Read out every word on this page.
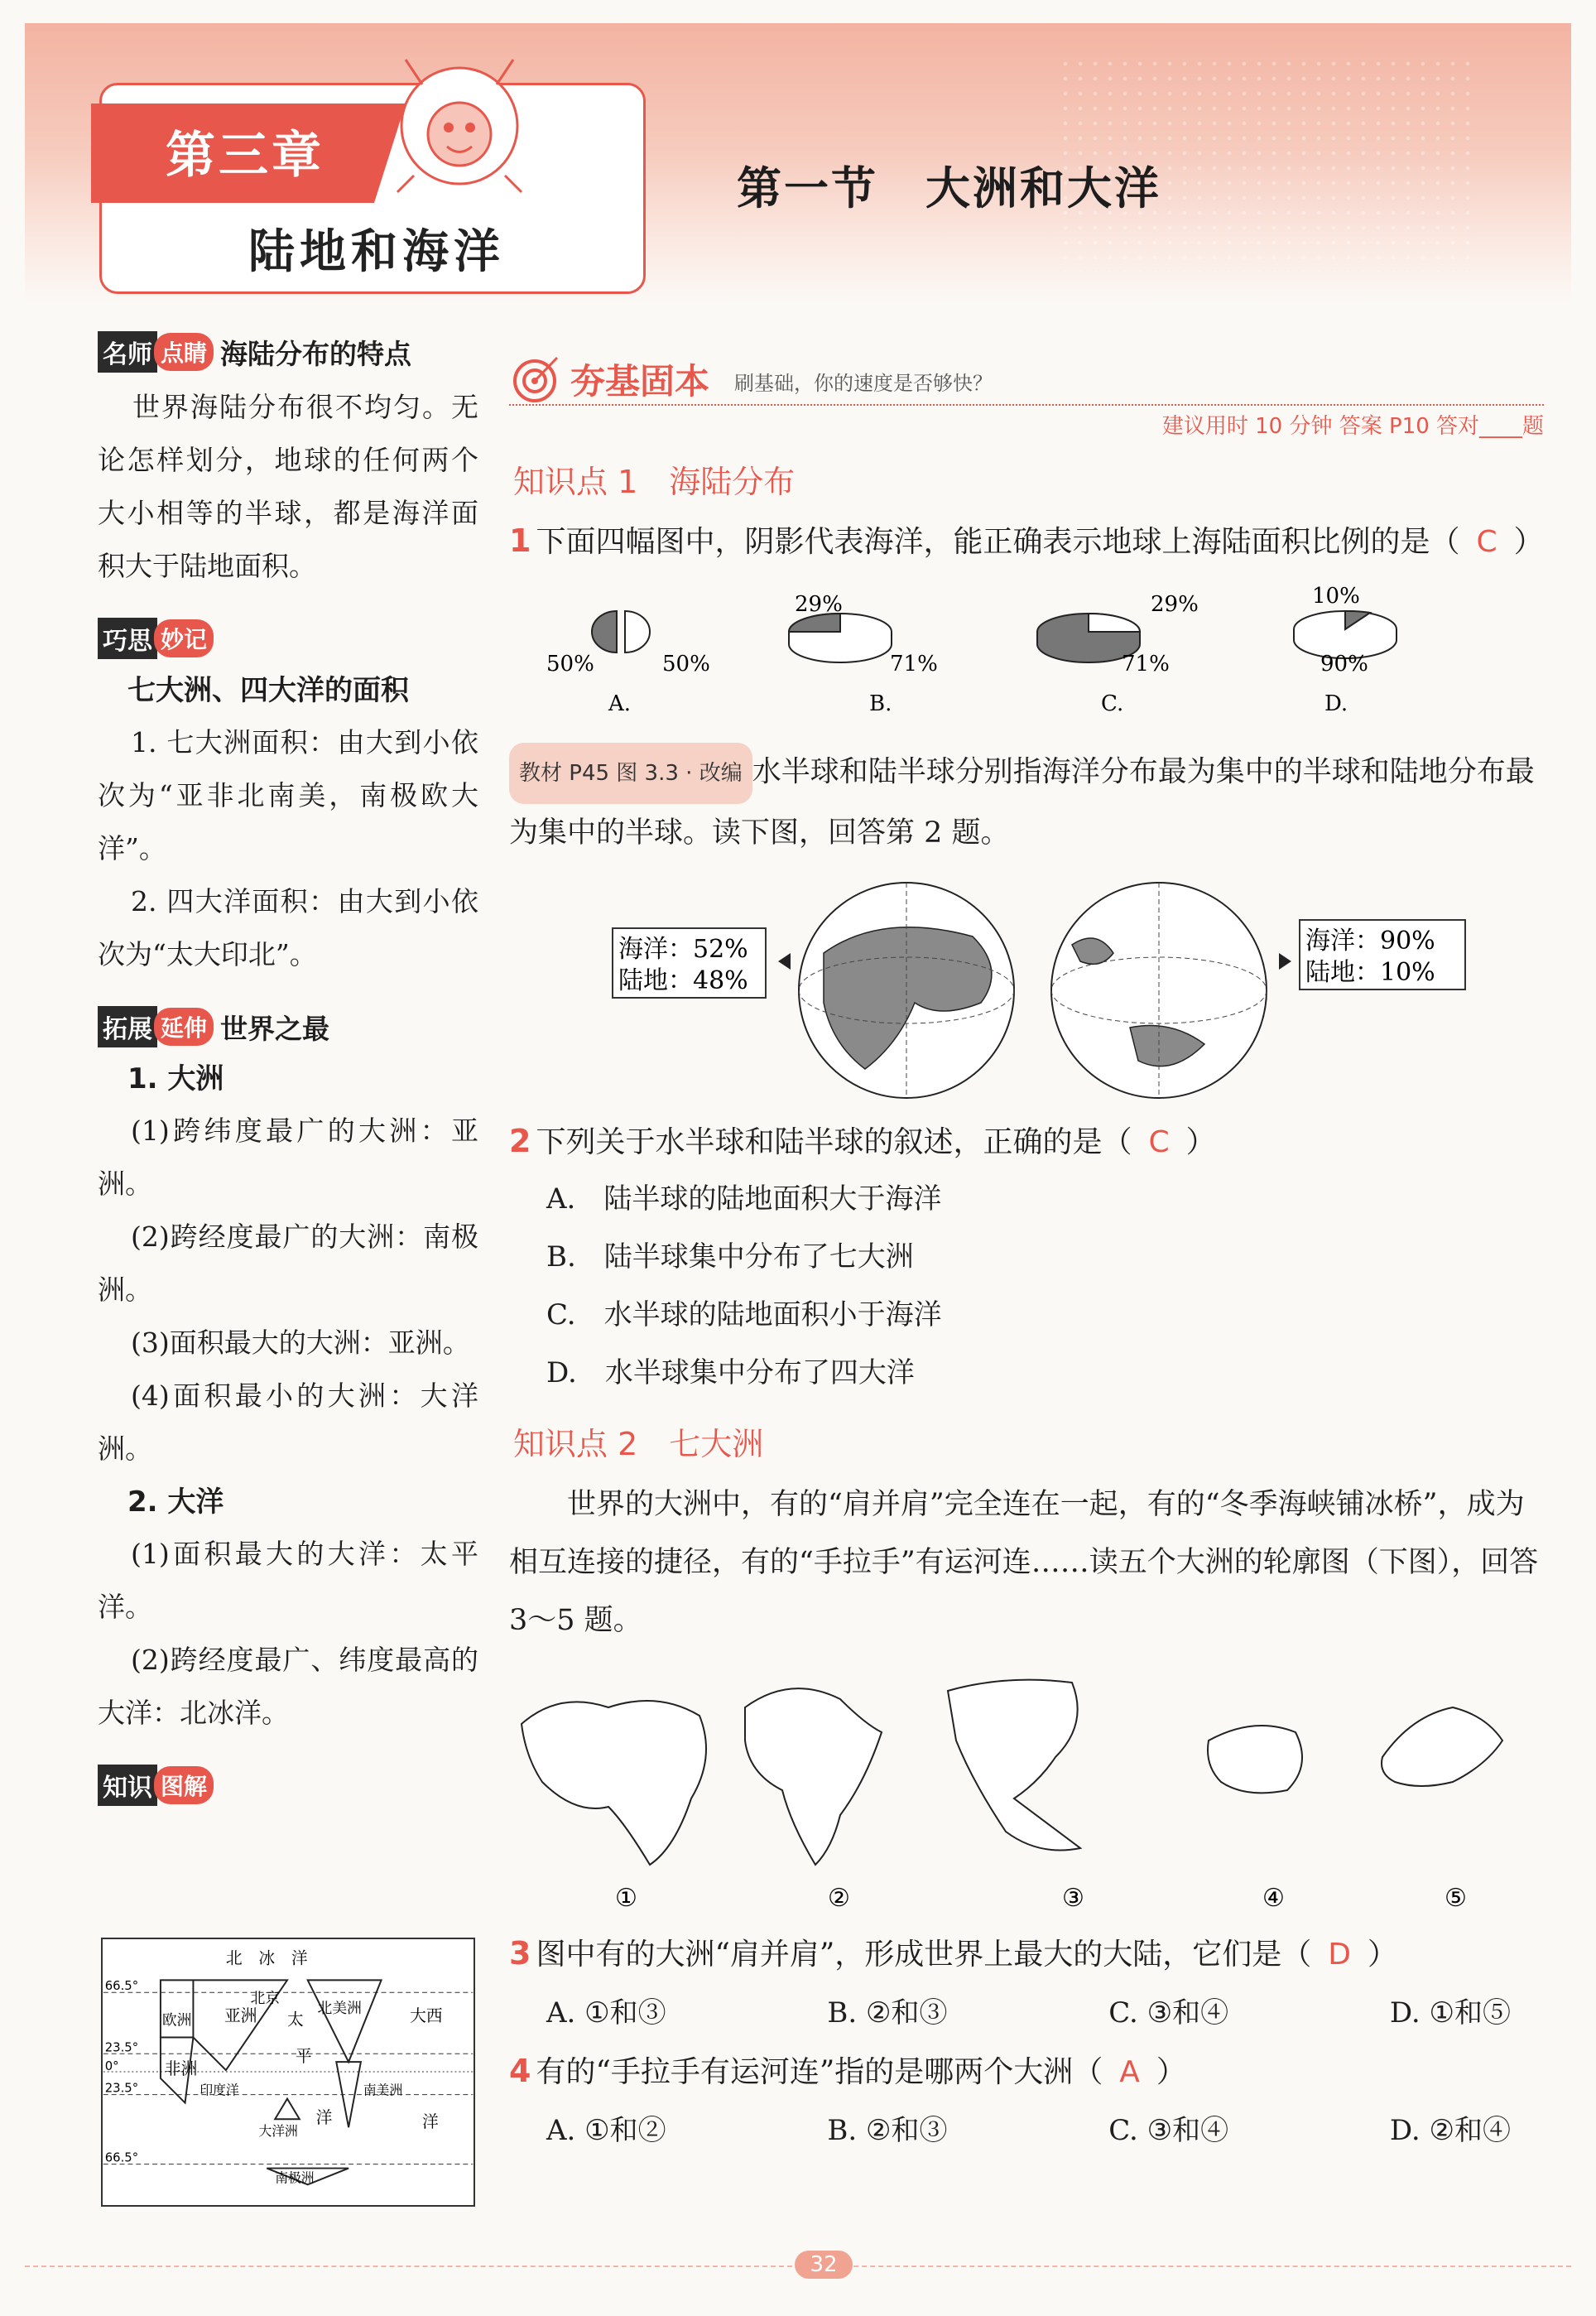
第三章
陆地和海洋
第一节　大洲和大洋
名师 点睛 海陆分布的特点
世界海陆分布很不均匀。无论怎样划分，地球的任何两个大小相等的半球，都是海洋面积大于陆地面积。
巧思 妙记
七大洲、四大洋的面积
1. 七大洲面积：由大到小依次为“亚非北南美，南极欧大洋”。
2. 四大洋面积：由大到小依次为“太大印北”。
拓展 延伸 世界之最
1. 大洲
(1)跨纬度最广的大洲：亚洲。
(2)跨经度最广的大洲：南极洲。
(3)面积最大的大洲：亚洲。
(4)面积最小的大洲：大洋洲。
2. 大洋
(1)面积最大的大洋：太平洋。
(2)跨经度最广、纬度最高的大洋：北冰洋。
知识 图解
北　冰　洋
66.5°
23.5°
0°
23.5°
66.5°
欧洲 亚洲
北京
太
平
洋
北美洲	大西
洋
非洲
印度洋
大洋洲
南美洲
南极洲
夯基固本 刷基础，你的速度是否够快？
建议用时 10 分钟 答案 P10 答对____题
知识点 1　海陆分布
1 下面四幅图中，阴影代表海洋，能正确表示地球上海陆面积比例的是（ C ）
50%	50%
A.
29%
71%
B.
29%
71%
C.
10%
90%
D.
教材 P45 图 3.3 · 改编 水半球和陆半球分别指海洋分布最为集中的半球和陆地分布最为集中的半球。读下图，回答第 2 题。
海洋：52%
陆地：48%
海洋：90%
陆地：10%
2 下列关于水半球和陆半球的叙述，正确的是（ C ）
A.　陆半球的陆地面积大于海洋
B.　陆半球集中分布了七大洲
C.　水半球的陆地面积小于海洋
D.　水半球集中分布了四大洋
知识点 2　七大洲
世界的大洲中，有的“肩并肩”完全连在一起，有的“冬季海峡铺冰桥”，成为相互连接的捷径，有的“手拉手”有运河连……读五个大洲的轮廓图（下图），回答 3～5 题。
①	②	③	④	⑤
3 图中有的大洲“肩并肩”，形成世界上最大的大陆，它们是（ D ）
A. ①和③	B. ②和③	C. ③和④	D. ①和⑤
4 有的“手拉手有运河连”指的是哪两个大洲（ A ）
A. ①和②	B. ②和③	C. ③和④	D. ②和④
32
